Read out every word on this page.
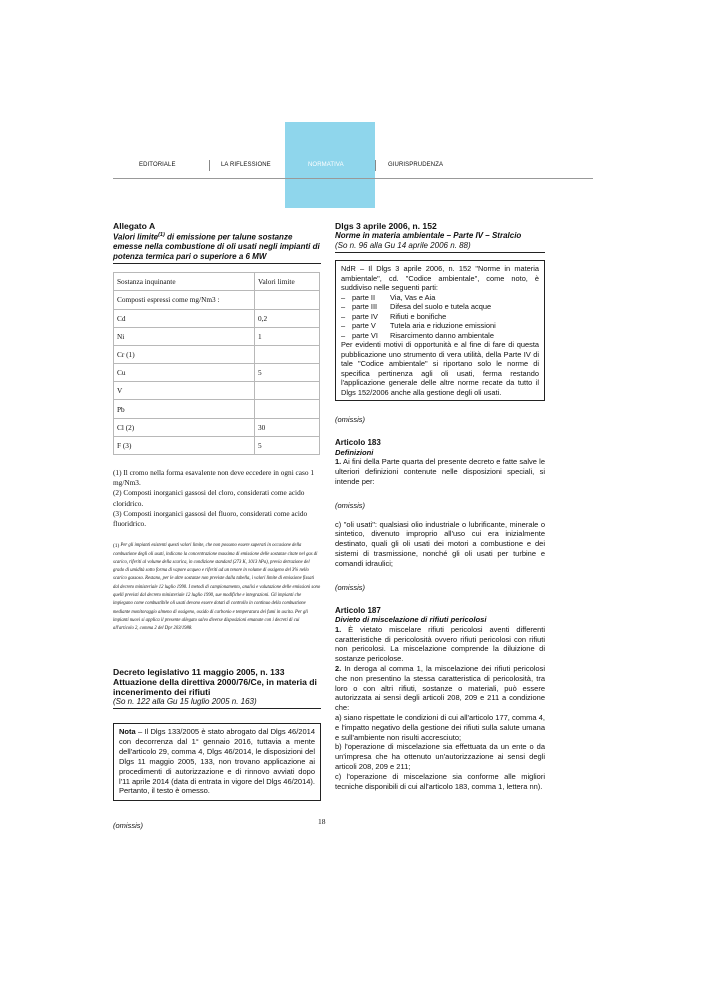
EDITORIALE	LA RIFLESSIONE	NORMATIVA	GIURISPRUDENZA
Allegato A
Valori limite$^{(1)}$ di emissione per talune sostanze emesse nella combustione di oli usati negli impianti di potenza termica pari o superiore a 6 MW
Sostanza inquinante	Valori limite
Composti espressi come mg/Nm3 :	
Cd	0,2
Ni	1
Cr (1)	
Cu	5
V	
Pb	
Cl (2)	30
F (3)	5
(1) Il cromo nella forma esavalente non deve eccedere in ogni caso 1 mg/Nm3.
(2) Composti inorganici gassosi del cloro, considerati come acido cloridrico.
(3) Composti inorganici gassosi del fluoro, considerati come acido fluoridrico.
(1) Per gli impianti esistenti questi valori limite, che non possono essere superati in occasione della combustione degli oli usati, indicano la concentrazione massima di emissione delle sostanze citate nel gas di scarico, riferiti al volume della scarica, in condizione standard (273 K, 1013 hPa), previa detrazione del grado di umidità sotto forma di vapore acqueo e riferiti ad un tenore in volume di ossigeno del 3% nello scarico gassoso. Restano, per le altre sostanze non previste dalla tabella, i valori limite di emissione fissati dal decreto ministeriale 12 luglio 1990. I metodi di campionamento, analisi e valutazione delle emissioni sono quelli previsti dal decreto ministeriale 12 luglio 1990, sue modifiche e integrazioni. Gli impianti che impiegano come combustibile oli usati devono essere dotati di controllo in continuo della combustione mediante monitoraggio almeno di ossigeno, ossido di carbonio e temperatura dei fumi in uscita. Per gli impianti nuovi si applica il presente allegato salvo diverse disposizioni emanate con i decreti di cui all'articolo 2, comma 2 del Dpr 203/1988.
Decreto legislativo 11 maggio 2005, n. 133
Attuazione della direttiva 2000/76/Ce, in materia di incenerimento dei rifiuti
(So n. 122 alla Gu 15 luglio 2005 n. 163)
Nota – Il Dlgs 133/2005 è stato abrogato dal Dlgs 46/2014 con decorrenza dal 1° gennaio 2016, tuttavia a mente dell'articolo 29, comma 4, Dlgs 46/2014, le disposizioni del Dlgs 11 maggio 2005, 133, non trovano applicazione ai procedimenti di autorizzazione e di rinnovo avviati dopo l'11 aprile 2014 (data di entrata in vigore del Dlgs 46/2014). Pertanto, il testo è omesso.
(omissis)
Dlgs 3 aprile 2006, n. 152
Norme in materia ambientale – Parte IV – Stralcio
(So n. 96 alla Gu 14 aprile 2006 n. 88)
NdR – Il Dlgs 3 aprile 2006, n. 152 "Norme in materia ambientale", cd. "Codice ambientale", come noto, è suddiviso nelle seguenti parti:
– parte II	Via, Vas e Aia
– parte III	Difesa del suolo e tutela acque
– parte IV	Rifiuti e bonifiche
– parte V	Tutela aria e riduzione emissioni
– parte VI	Risarcimento danno ambientale
Per evidenti motivi di opportunità e al fine di fare di questa pubblicazione uno strumento di vera utilità, della Parte IV di tale "Codice ambientale" si riportano solo le norme di specifica pertinenza agli oli usati, ferma restando l'applicazione generale delle altre norme recate da tutto il Dlgs 152/2006 anche alla gestione degli oli usati.
(omissis)
Articolo 183
Definizioni
1. Ai fini della Parte quarta del presente decreto e fatte salve le ulteriori definizioni contenute nelle disposizioni speciali, si intende per:
(omissis)
c) "oli usati": qualsiasi olio industriale o lubrificante, minerale o sintetico, divenuto improprio all'uso cui era inizialmente destinato, quali gli oli usati dei motori a combustione e dei sistemi di trasmissione, nonché gli oli usati per turbine e comandi idraulici;
(omissis)
Articolo 187
Divieto di miscelazione di rifiuti pericolosi
1. È vietato miscelare rifiuti pericolosi aventi differenti caratteristiche di pericolosità ovvero rifiuti pericolosi con rifiuti non pericolosi. La miscelazione comprende la diluizione di sostanze pericolose.
2. In deroga al comma 1, la miscelazione dei rifiuti pericolosi che non presentino la stessa caratteristica di pericolosità, tra loro o con altri rifiuti, sostanze o materiali, può essere autorizzata ai sensi degli articoli 208, 209 e 211 a condizione che:
a) siano rispettate le condizioni di cui all'articolo 177, comma 4, e l'impatto negativo della gestione dei rifiuti sulla salute umana e sull'ambiente non risulti accresciuto;
b) l'operazione di miscelazione sia effettuata da un ente o da un'impresa che ha ottenuto un'autorizzazione ai sensi degli articoli 208, 209 e 211;
c) l'operazione di miscelazione sia conforme alle migliori tecniche disponibili di cui all'articolo 183, comma 1, lettera nn).
18
